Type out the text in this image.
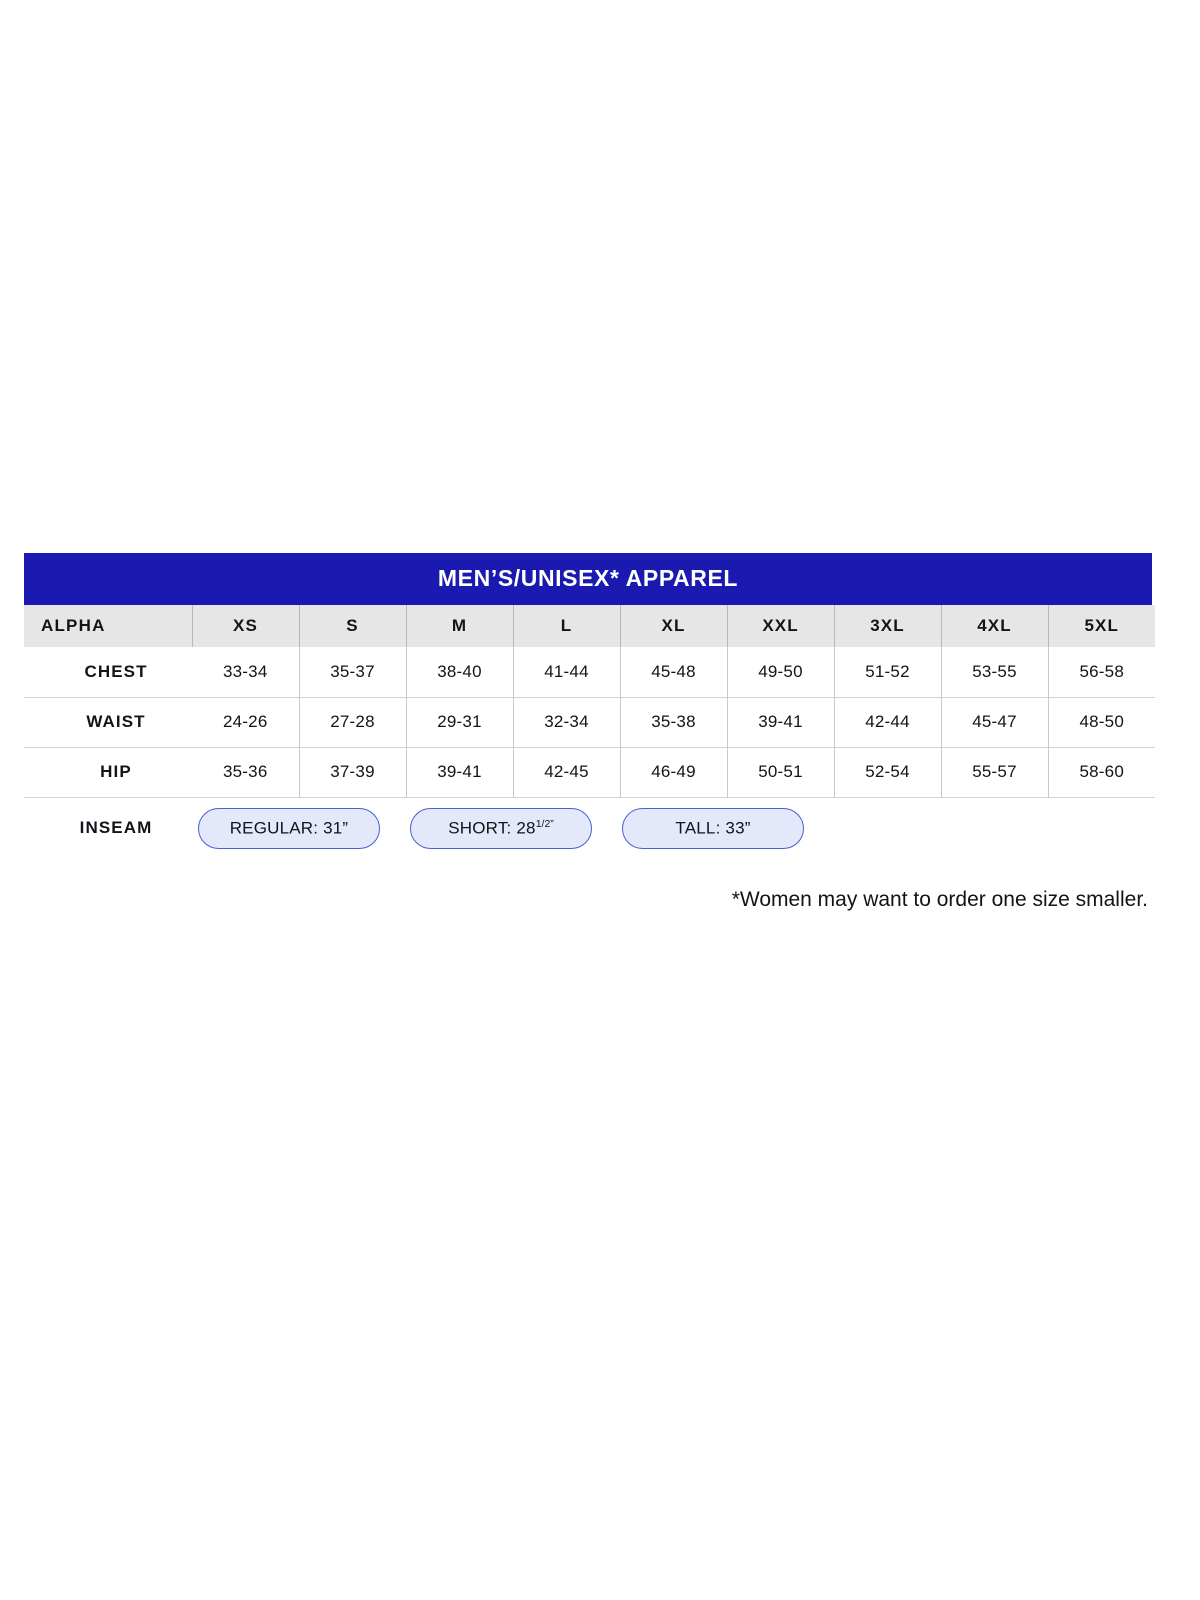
MEN’S/UNISEX* APPAREL
ALPHA	XS	S	M	L	XL	XXL	3XL	4XL	5XL
CHEST	33-34	35-37	38-40	41-44	45-48	49-50	51-52	53-55	56-58
WAIST	24-26	27-28	29-31	32-34	35-38	39-41	42-44	45-47	48-50
HIP	35-36	37-39	39-41	42-45	46-49	50-51	52-54	55-57	58-60
INSEAM	REGULAR: 31” SHORT: $28^{1/2”}$ TALL: 33”								
*Women may want to order one size smaller.
